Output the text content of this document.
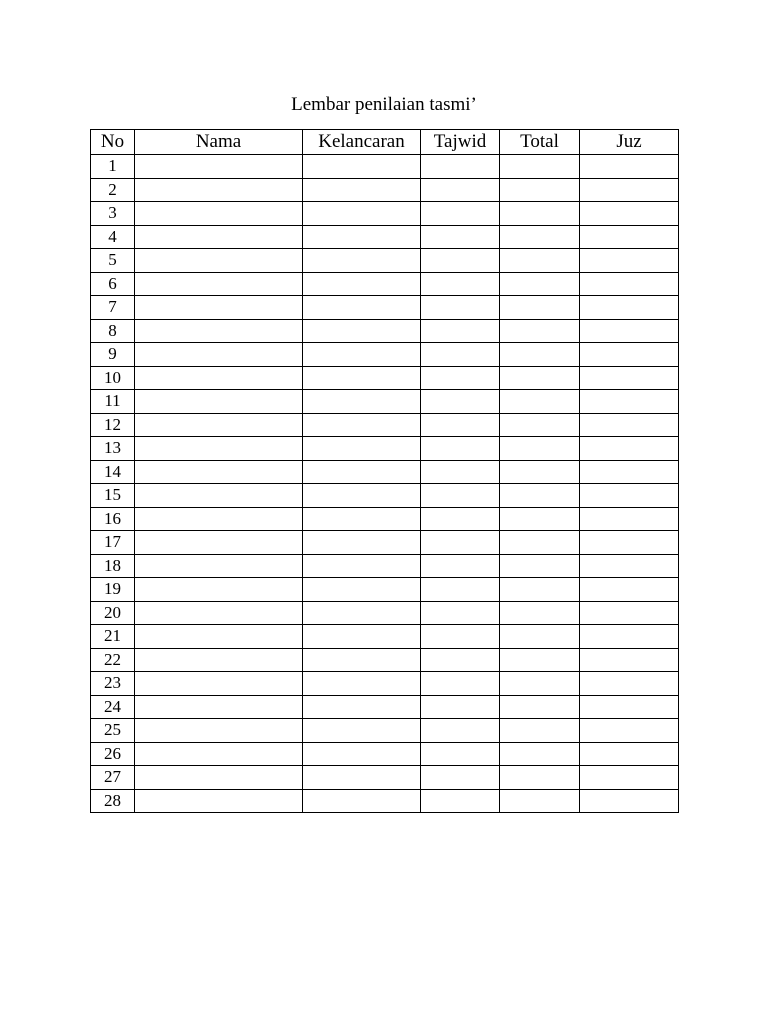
Lembar penilaian tasmi’
No	Nama	Kelancaran	Tajwid	Total	Juz
1					
2					
3					
4					
5					
6					
7					
8					
9					
10					
11					
12					
13					
14					
15					
16					
17					
18					
19					
20					
21					
22					
23					
24					
25					
26					
27					
28					
